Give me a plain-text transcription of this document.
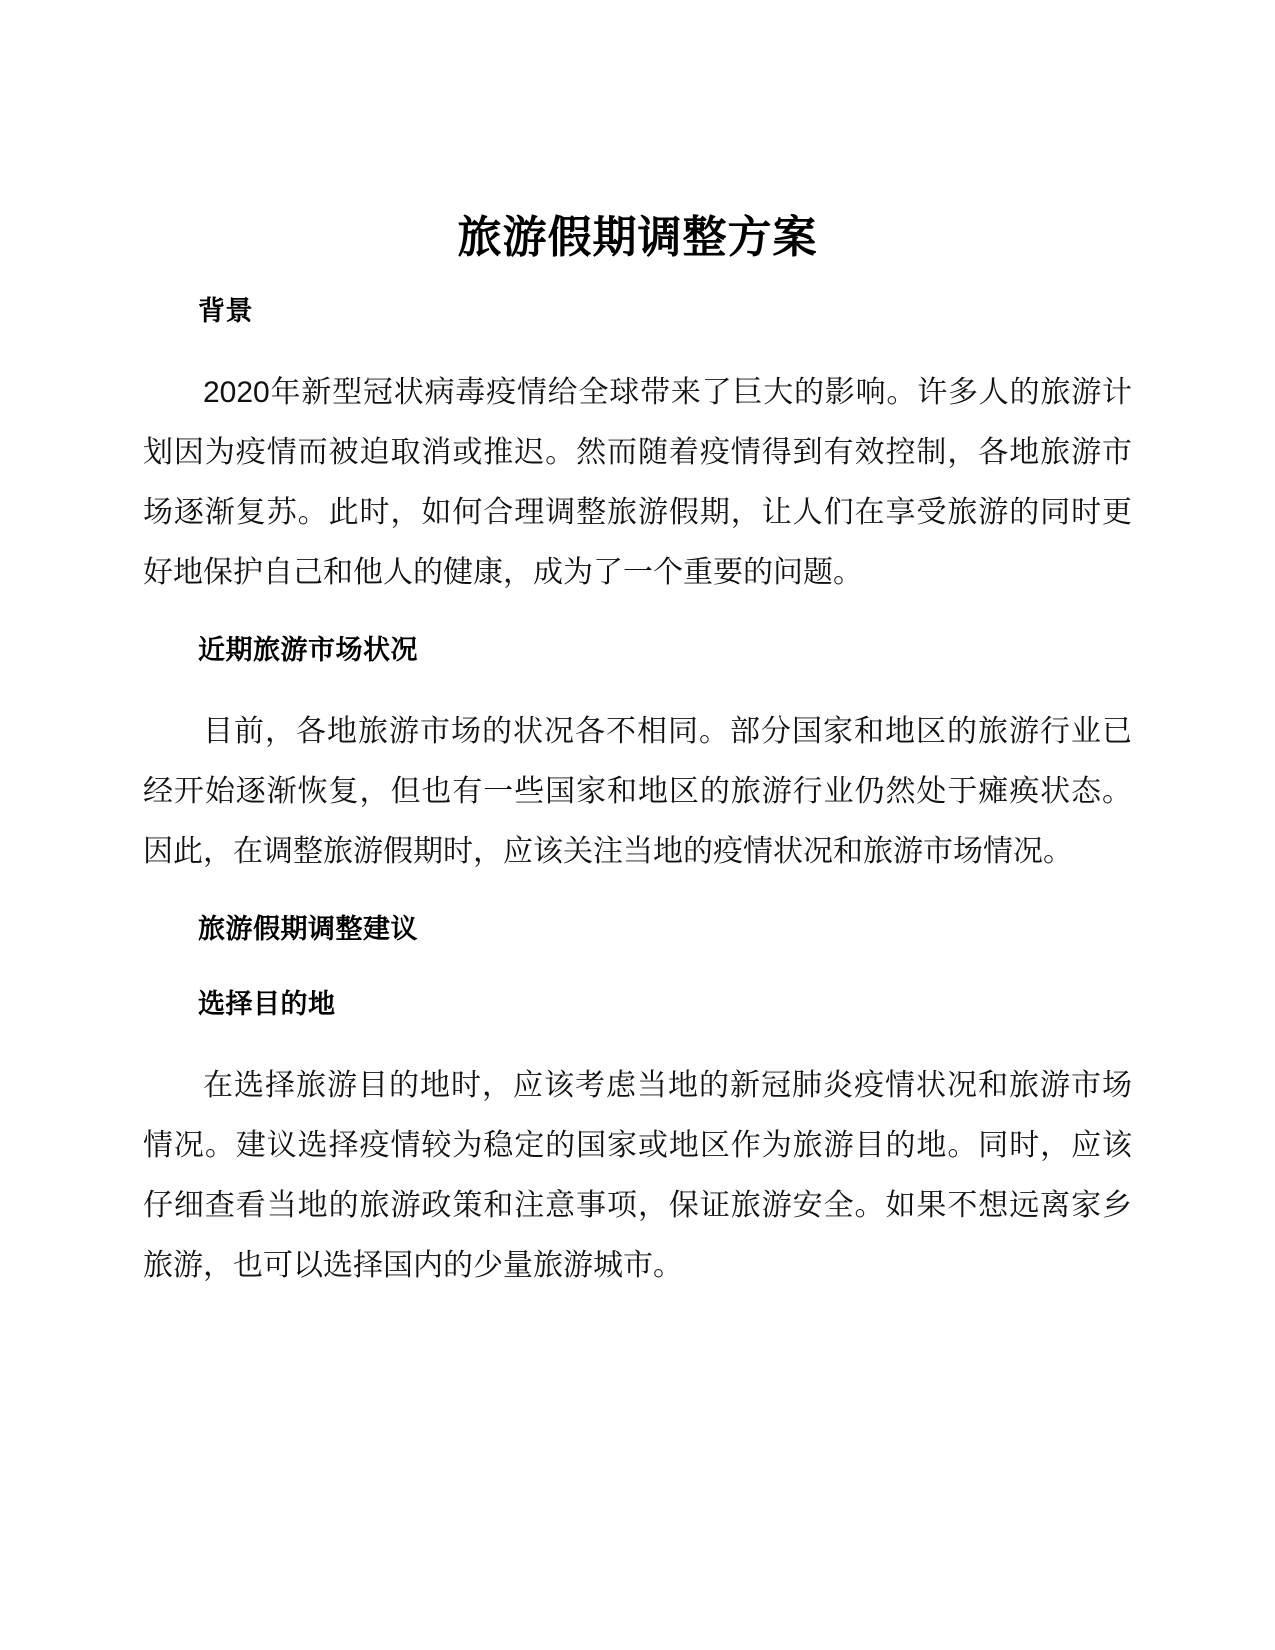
旅游假期调整方案
背景

2020年新型冠状病毒疫情给全球带来了巨大的影响。许多人的旅游计划因为疫情而被迫取消或推迟。然而随着疫情得到有效控制，各地旅游市场逐渐复苏。此时，如何合理调整旅游假期，让人们在享受旅游的同时更好地保护自己和他人的健康，成为了一个重要的问题。

近期旅游市场状况

目前，各地旅游市场的状况各不相同。部分国家和地区的旅游行业已经开始逐渐恢复，但也有一些国家和地区的旅游行业仍然处于瘫痪状态。因此，在调整旅游假期时，应该关注当地的疫情状况和旅游市场情况。

旅游假期调整建议
选择目的地

在选择旅游目的地时，应该考虑当地的新冠肺炎疫情状况和旅游市场情况。建议选择疫情较为稳定的国家或地区作为旅游目的地。同时，应该仔细查看当地的旅游政策和注意事项，保证旅游安全。如果不想远离家乡旅游，也可以选择国内的少量旅游城市。
